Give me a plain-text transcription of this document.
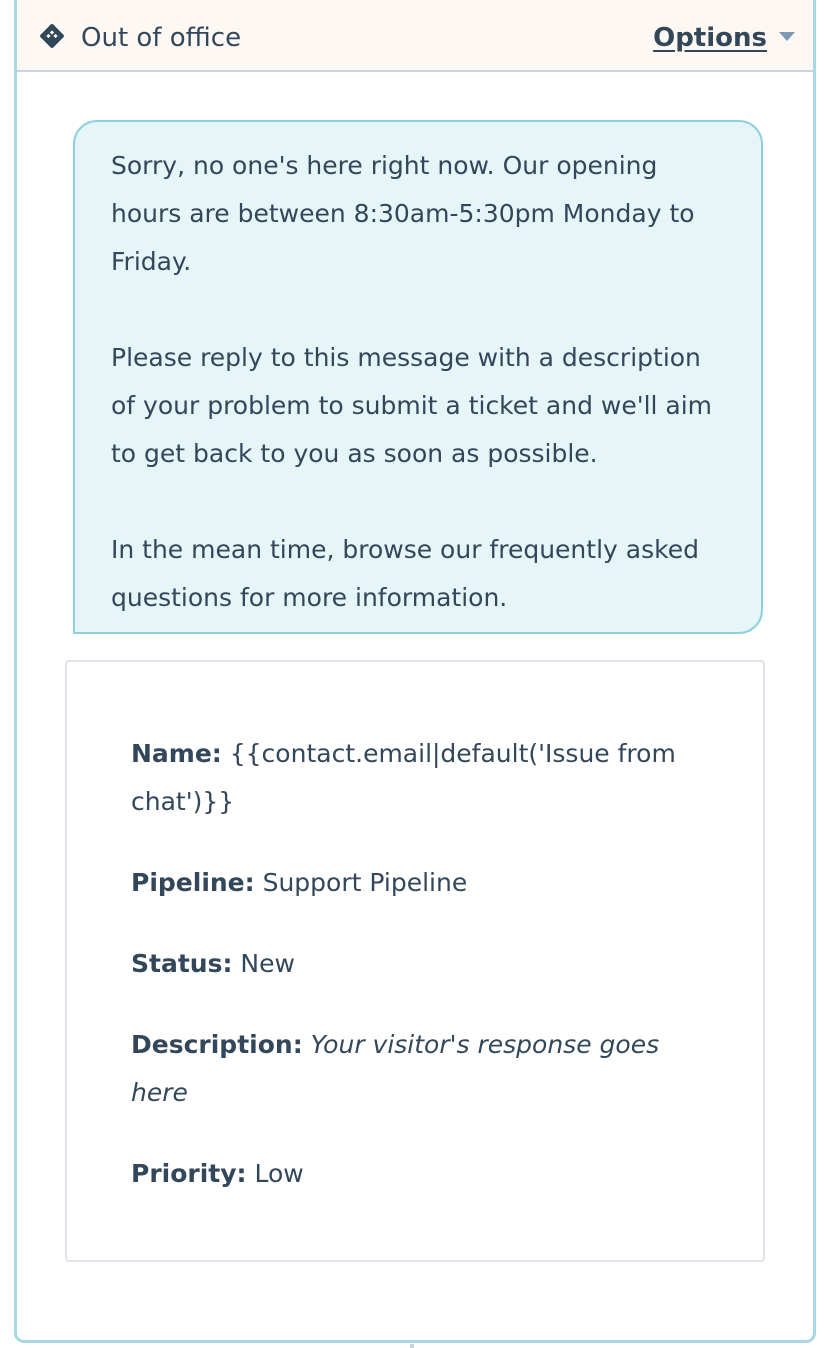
Out of office	Options

Sorry, no one's here right now. Our opening hours are between 8:30am-5:30pm Monday to Friday.

Please reply to this message with a description of your problem to submit a ticket and we'll aim to get back to you as soon as possible.

In the mean time, browse our frequently asked questions for more information.

Name: {{contact.email|default('Issue from chat')}}
Pipeline: Support Pipeline
Status: New
Description: Your visitor's response goes here
Priority: Low
